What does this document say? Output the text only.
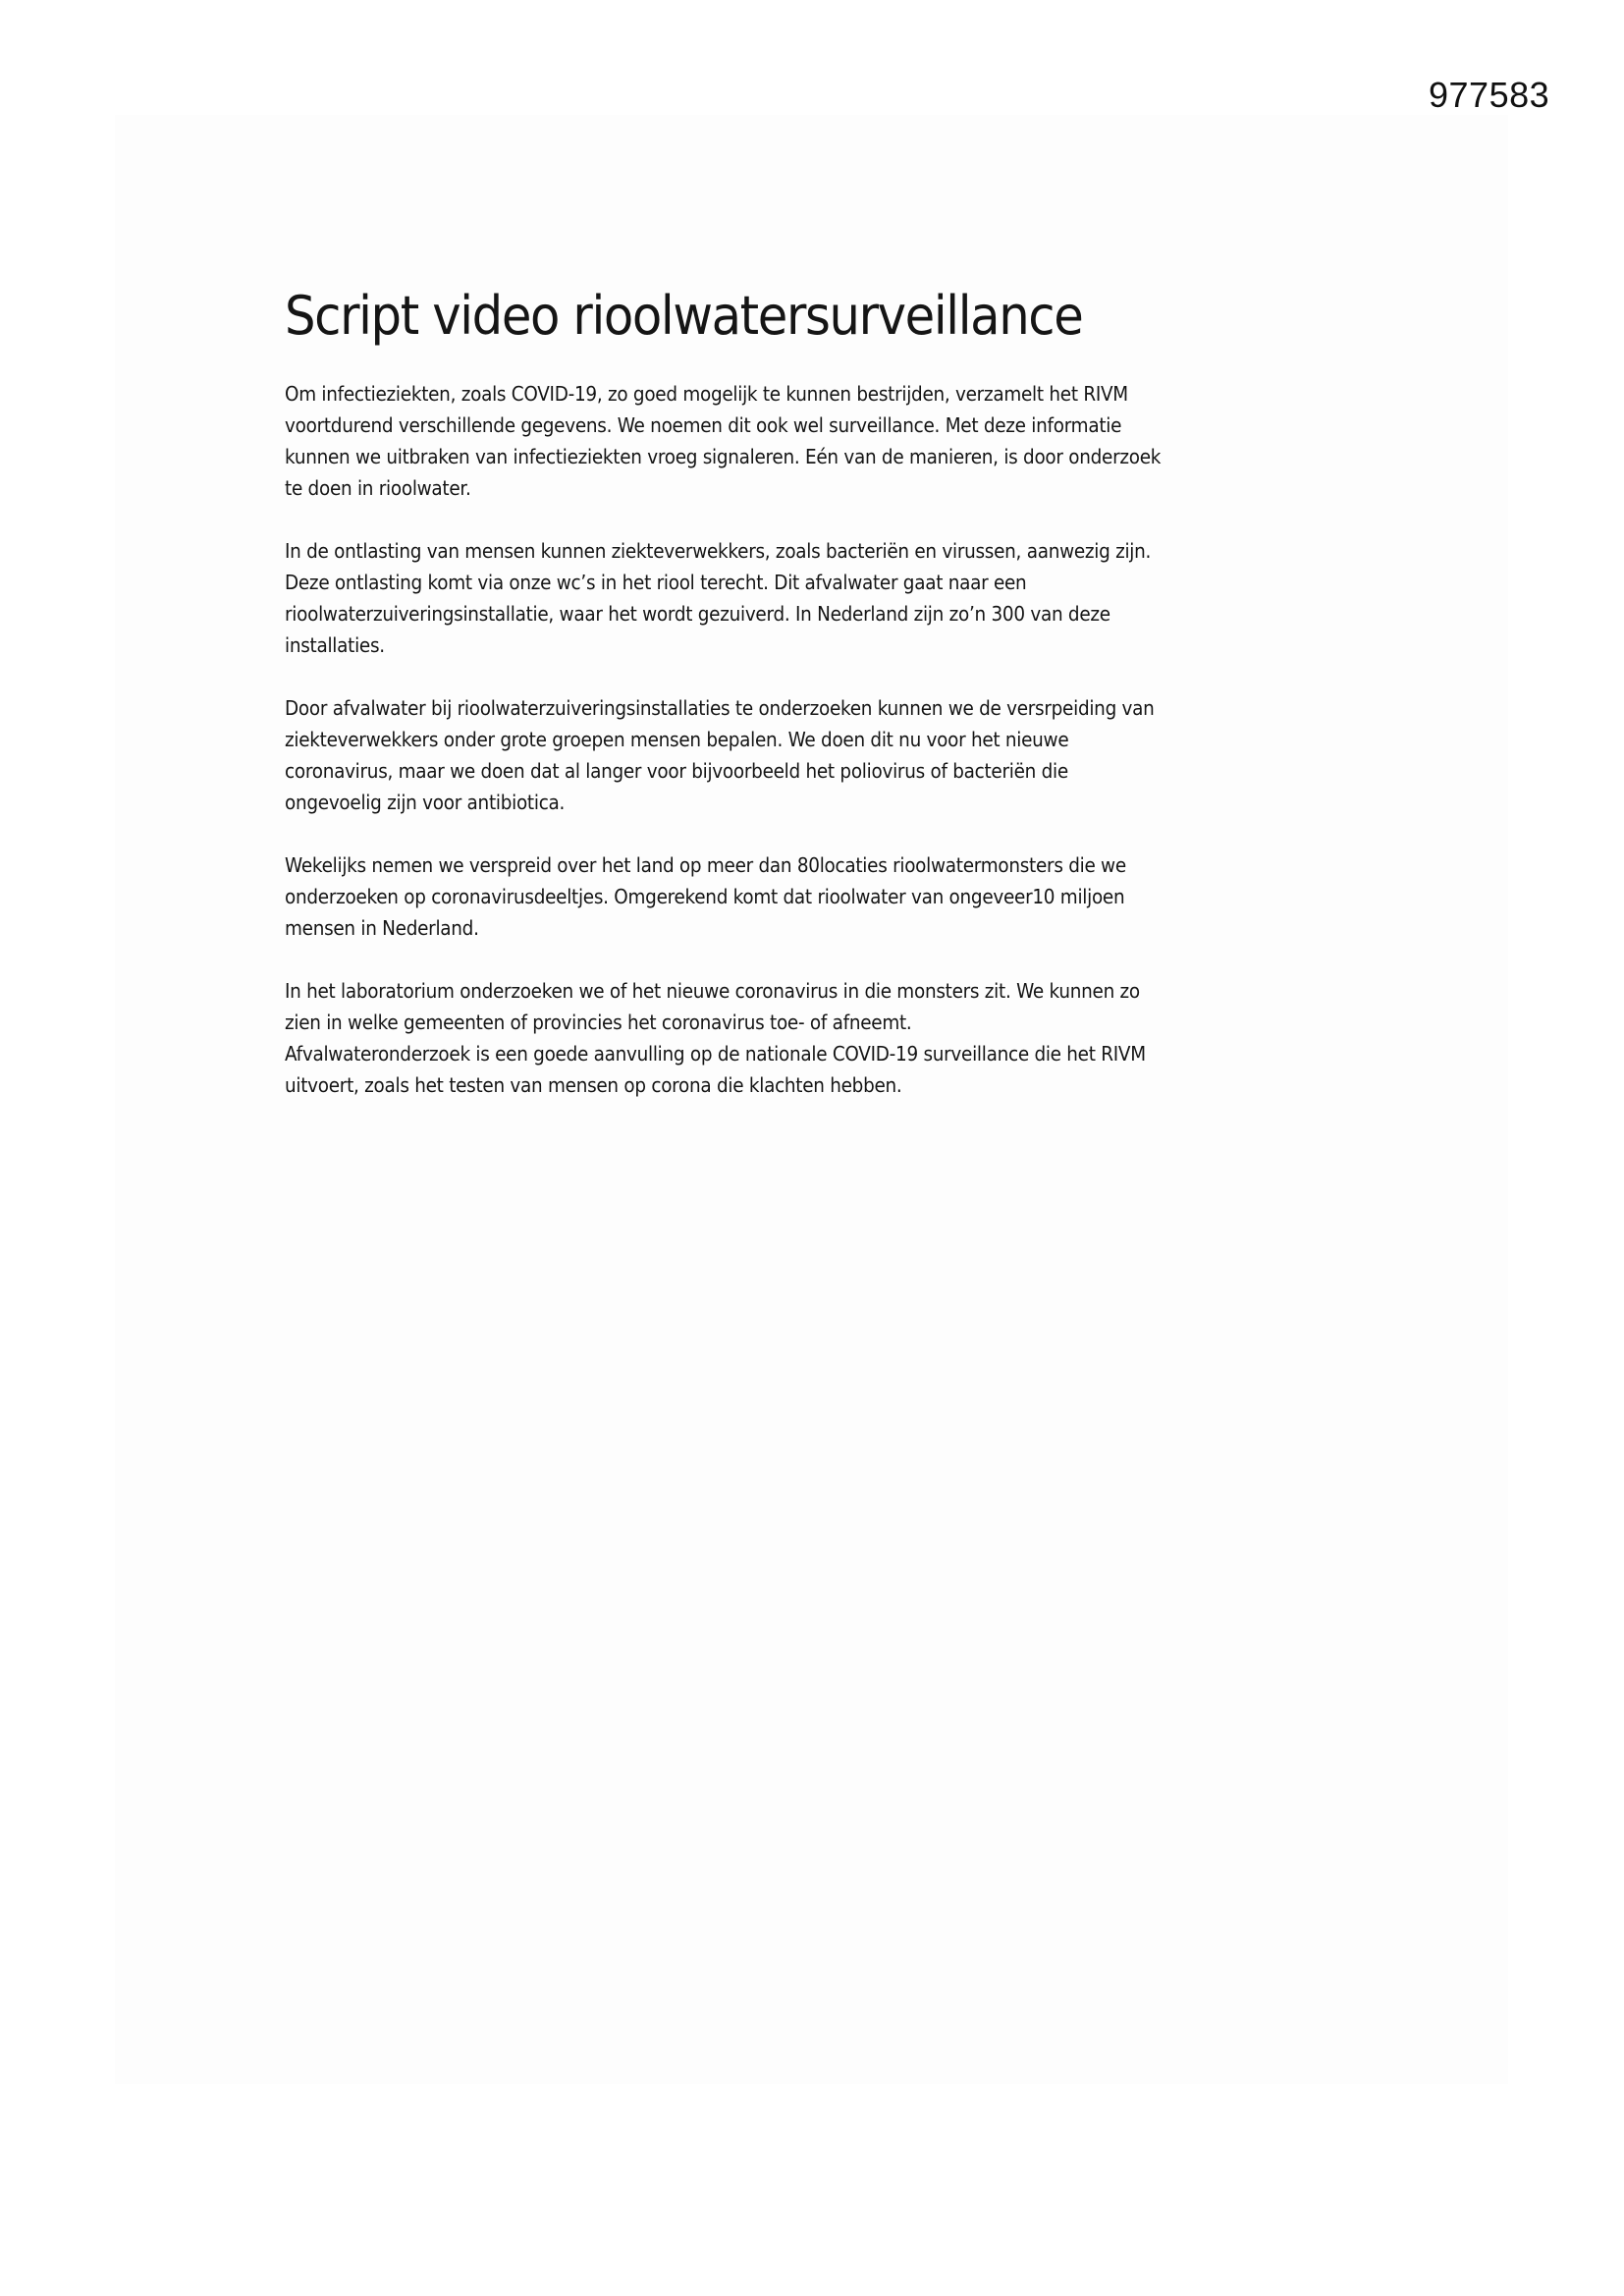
977583
Script video rioolwatersurveillance

Om infectieziekten, zoals COVID-19, zo goed mogelijk te kunnen bestrijden, verzamelt het RIVM
voortdurend verschillende gegevens. We noemen dit ook wel surveillance. Met deze informatie
kunnen we uitbraken van infectieziekten vroeg signaleren. Eén van de manieren, is door onderzoek
te doen in rioolwater.

In de ontlasting van mensen kunnen ziekteverwekkers, zoals bacteriën en virussen, aanwezig zijn.
Deze ontlasting komt via onze wc’s in het riool terecht. Dit afvalwater gaat naar een
rioolwaterzuiveringsinstallatie, waar het wordt gezuiverd. In Nederland zijn zo’n 300 van deze
installaties.

Door afvalwater bij rioolwaterzuiveringsinstallaties te onderzoeken kunnen we de versrpeiding van
ziekteverwekkers onder grote groepen mensen bepalen. We doen dit nu voor het nieuwe
coronavirus, maar we doen dat al langer voor bijvoorbeeld het poliovirus of bacteriën die
ongevoelig zijn voor antibiotica.

Wekelijks nemen we verspreid over het land op meer dan 80locaties rioolwatermonsters die we
onderzoeken op coronavirusdeeltjes. Omgerekend komt dat rioolwater van ongeveer10 miljoen
mensen in Nederland.

In het laboratorium onderzoeken we of het nieuwe coronavirus in die monsters zit. We kunnen zo
zien in welke gemeenten of provincies het coronavirus toe- of afneemt.
Afvalwateronderzoek is een goede aanvulling op de nationale COVID-19 surveillance die het RIVM
uitvoert, zoals het testen van mensen op corona die klachten hebben.
